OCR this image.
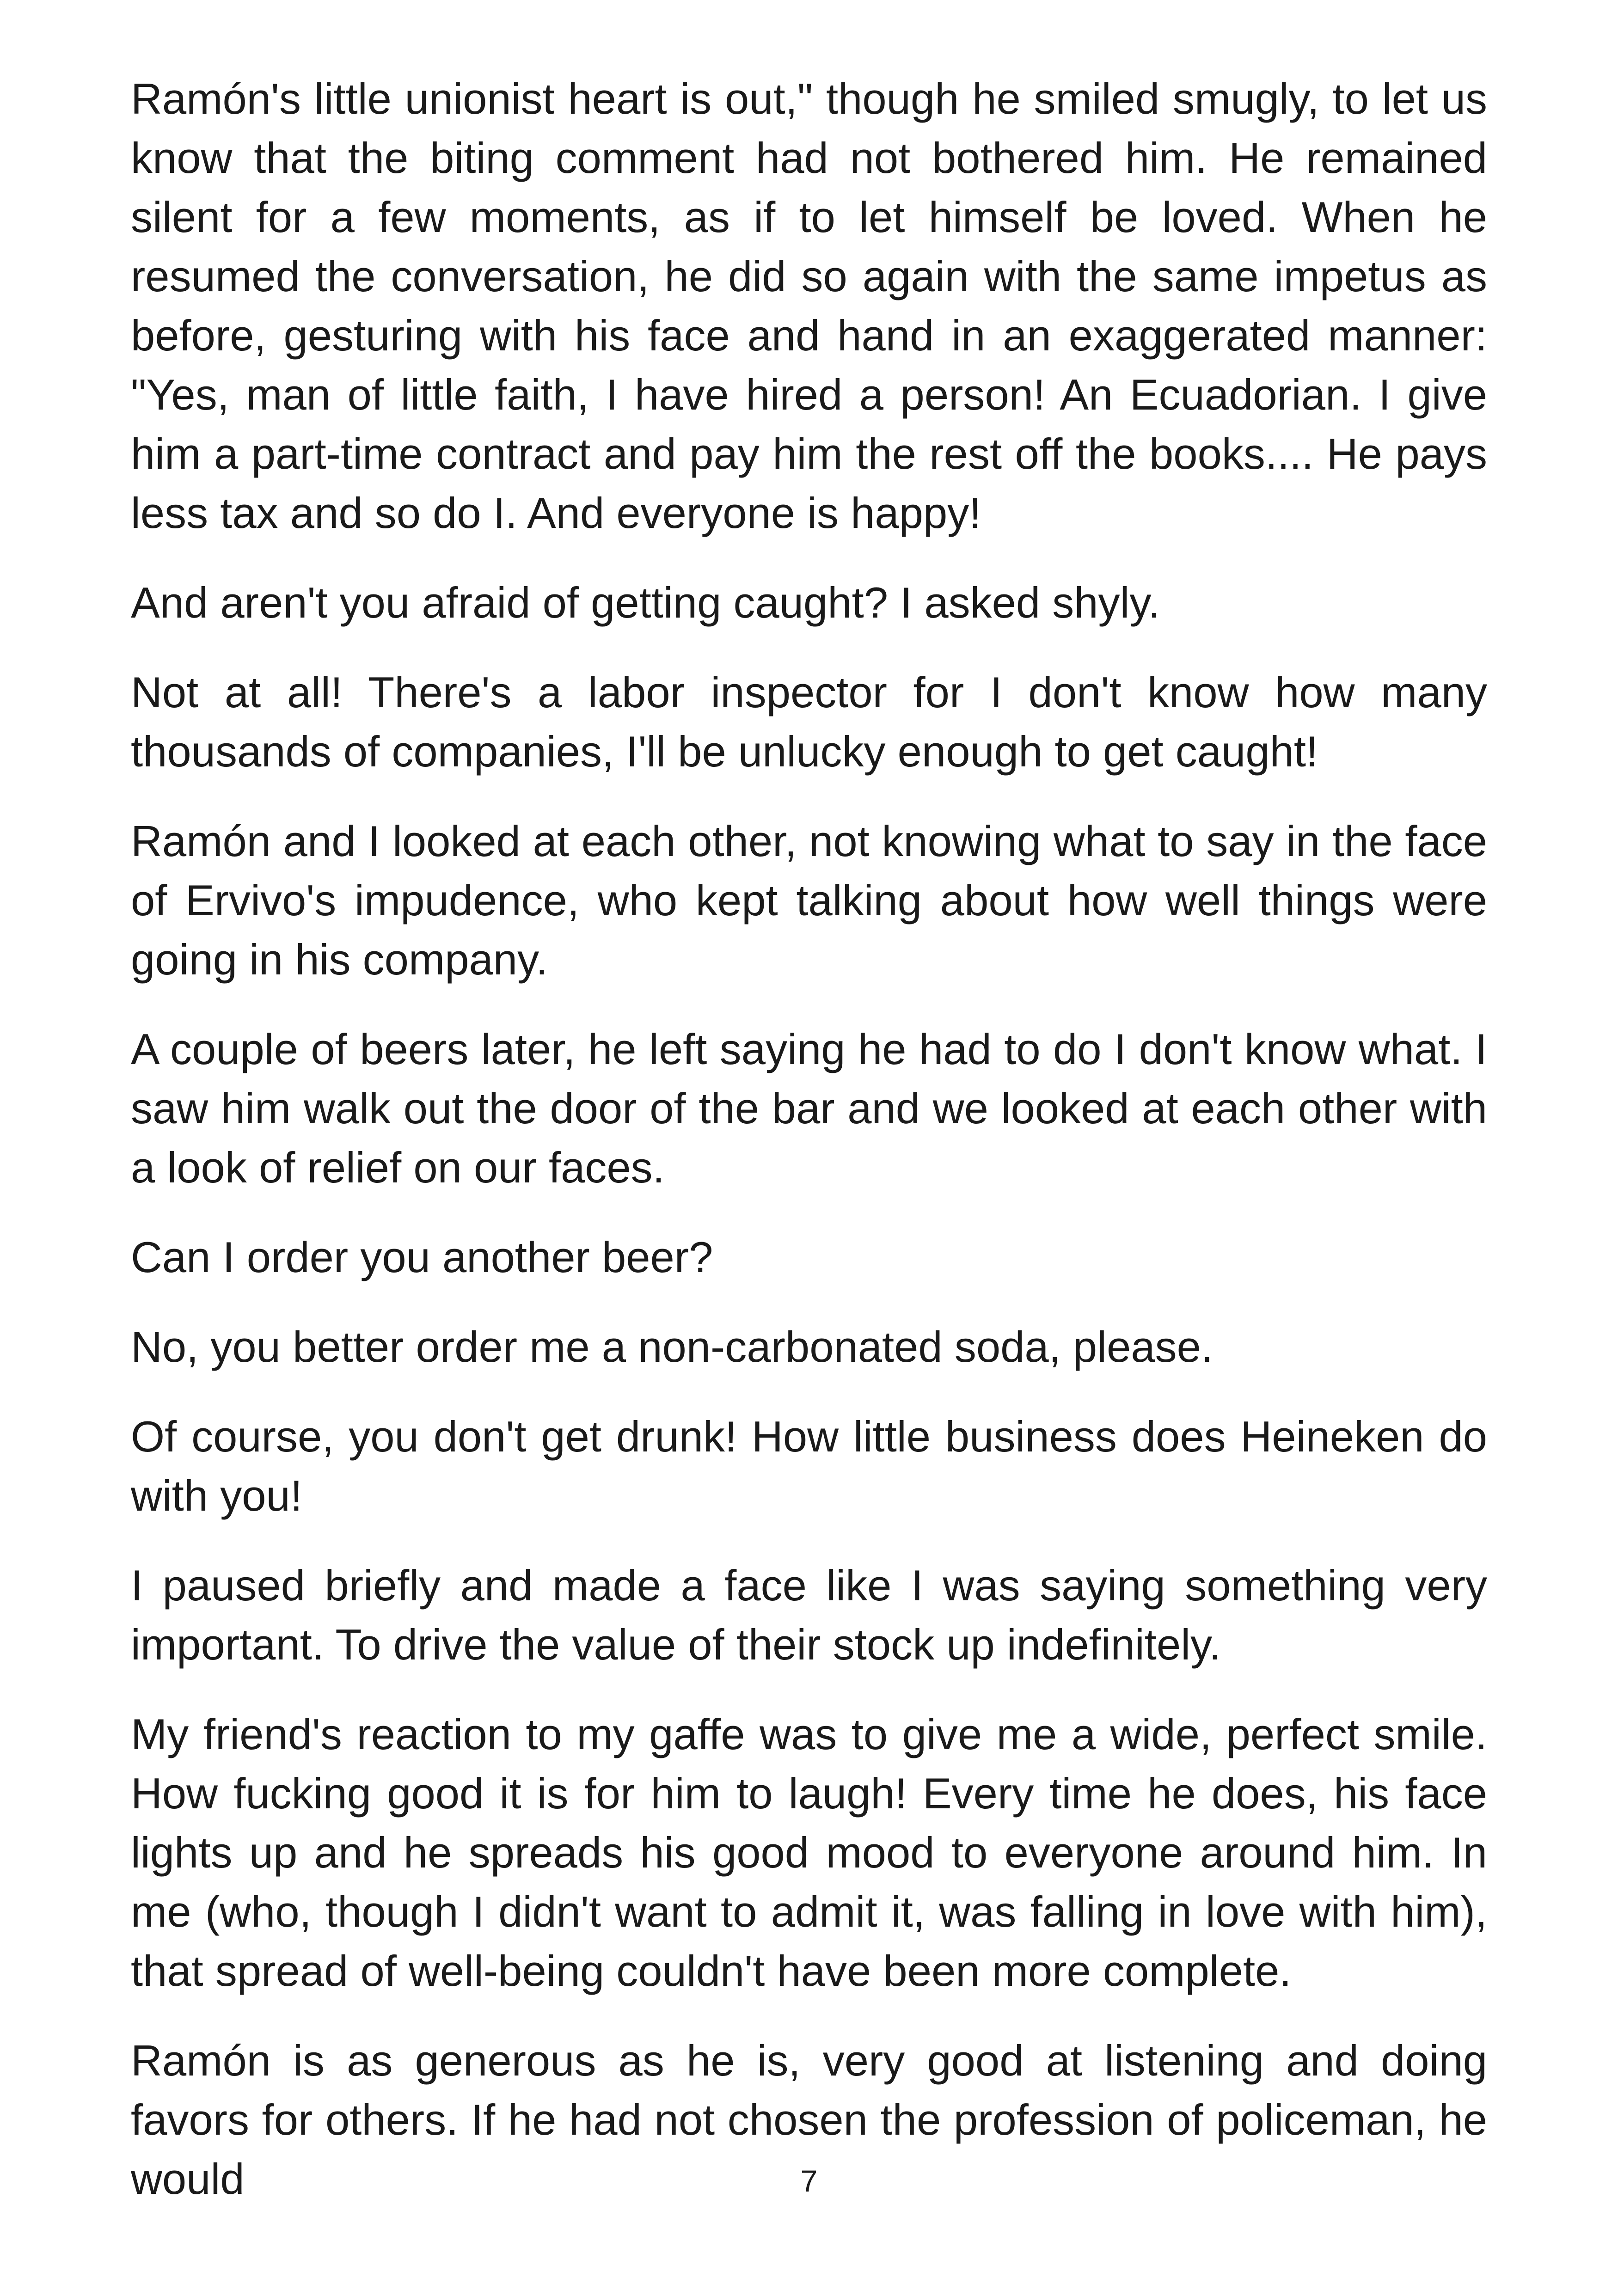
Ramón's little unionist heart is out," though he smiled smugly, to let us know that the biting comment had not bothered him. He remained silent for a few moments, as if to let himself be loved. When he resumed the conversation, he did so again with the same impetus as before, gesturing with his face and hand in an exaggerated manner: "Yes, man of little faith, I have hired a person! An Ecuadorian. I give him a part-time contract and pay him the rest off the books.... He pays less tax and so do I. And everyone is happy!

And aren't you afraid of getting caught? I asked shyly.

Not at all! There's a labor inspector for I don't know how many thousands of companies, I'll be unlucky enough to get caught!

Ramón and I looked at each other, not knowing what to say in the face of Ervivo's impudence, who kept talking about how well things were going in his company.

A couple of beers later, he left saying he had to do I don't know what. I saw him walk out the door of the bar and we looked at each other with a look of relief on our faces.

Can I order you another beer?

No, you better order me a non-carbonated soda, please.

Of course, you don't get drunk! How little business does Heineken do with you!

I paused briefly and made a face like I was saying something very important. To drive the value of their stock up indefinitely.

My friend's reaction to my gaffe was to give me a wide, perfect smile. How fucking good it is for him to laugh! Every time he does, his face lights up and he spreads his good mood to everyone around him. In me (who, though I didn't want to admit it, was falling in love with him), that spread of well-being couldn't have been more complete.

Ramón is as generous as he is, very good at listening and doing favors for others. If he had not chosen the profession of policeman, he would	7
